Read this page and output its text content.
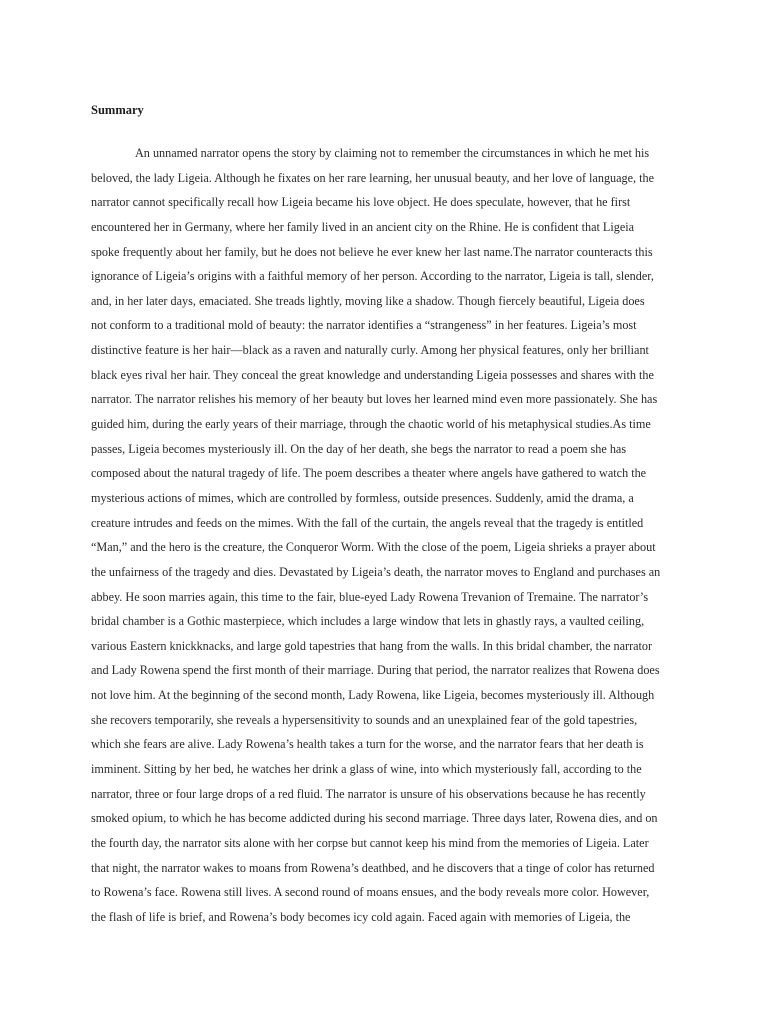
Summary
An unnamed narrator opens the story by claiming not to remember the circumstances in which he met his
beloved, the lady Ligeia. Although he fixates on her rare learning, her unusual beauty, and her love of language, the
narrator cannot specifically recall how Ligeia became his love object. He does speculate, however, that he first
encountered her in Germany, where her family lived in an ancient city on the Rhine. He is confident that Ligeia
spoke frequently about her family, but he does not believe he ever knew her last name.The narrator counteracts this
ignorance of Ligeia’s origins with a faithful memory of her person. According to the narrator, Ligeia is tall, slender,
and, in her later days, emaciated. She treads lightly, moving like a shadow. Though fiercely beautiful, Ligeia does
not conform to a traditional mold of beauty: the narrator identifies a “strangeness” in her features. Ligeia’s most
distinctive feature is her hair—black as a raven and naturally curly. Among her physical features, only her brilliant
black eyes rival her hair. They conceal the great knowledge and understanding Ligeia possesses and shares with the
narrator. The narrator relishes his memory of her beauty but loves her learned mind even more passionately. She has
guided him, during the early years of their marriage, through the chaotic world of his metaphysical studies.As time
passes, Ligeia becomes mysteriously ill. On the day of her death, she begs the narrator to read a poem she has
composed about the natural tragedy of life. The poem describes a theater where angels have gathered to watch the
mysterious actions of mimes, which are controlled by formless, outside presences. Suddenly, amid the drama, a
creature intrudes and feeds on the mimes. With the fall of the curtain, the angels reveal that the tragedy is entitled
“Man,” and the hero is the creature, the Conqueror Worm. With the close of the poem, Ligeia shrieks a prayer about
the unfairness of the tragedy and dies. Devastated by Ligeia’s death, the narrator moves to England and purchases an
abbey. He soon marries again, this time to the fair, blue-eyed Lady Rowena Trevanion of Tremaine. The narrator’s
bridal chamber is a Gothic masterpiece, which includes a large window that lets in ghastly rays, a vaulted ceiling,
various Eastern knickknacks, and large gold tapestries that hang from the walls. In this bridal chamber, the narrator
and Lady Rowena spend the first month of their marriage. During that period, the narrator realizes that Rowena does
not love him. At the beginning of the second month, Lady Rowena, like Ligeia, becomes mysteriously ill. Although
she recovers temporarily, she reveals a hypersensitivity to sounds and an unexplained fear of the gold tapestries,
which she fears are alive. Lady Rowena’s health takes a turn for the worse, and the narrator fears that her death is
imminent. Sitting by her bed, he watches her drink a glass of wine, into which mysteriously fall, according to the
narrator, three or four large drops of a red fluid. The narrator is unsure of his observations because he has recently
smoked opium, to which he has become addicted during his second marriage. Three days later, Rowena dies, and on
the fourth day, the narrator sits alone with her corpse but cannot keep his mind from the memories of Ligeia. Later
that night, the narrator wakes to moans from Rowena’s deathbed, and he discovers that a tinge of color has returned
to Rowena’s face. Rowena still lives. A second round of moans ensues, and the body reveals more color. However,
the flash of life is brief, and Rowena’s body becomes icy cold again. Faced again with memories of Ligeia, the
